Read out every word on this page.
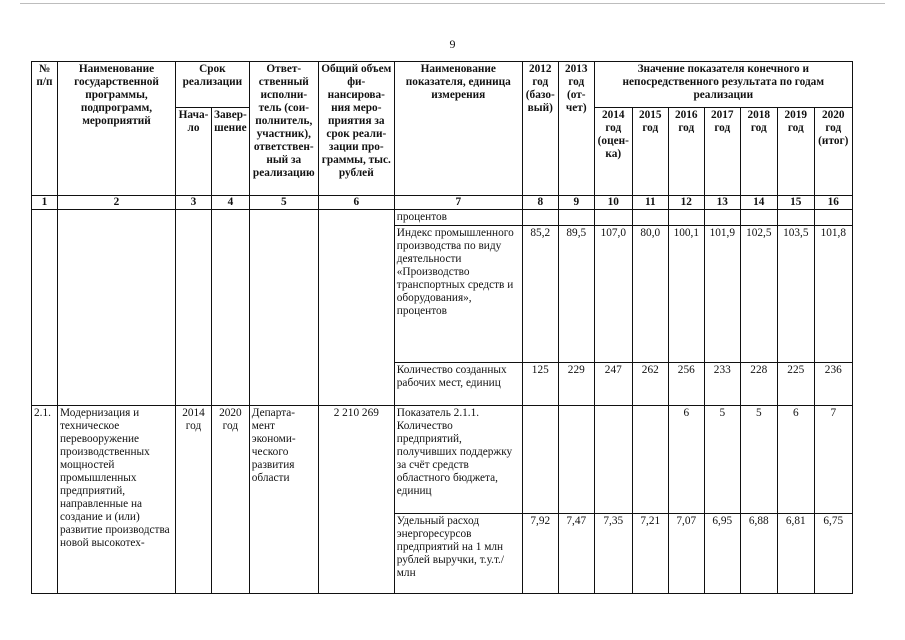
9
№ п/п	Наименование государственной программы, подпрограмм, мероприятий	Срок реализации		Ответ-ственный исполни-тель (сои-полнитель, участник), ответствен-ный за реализацию	Общий объем фи-нансирова-ния меро-приятия за срок реали-зации про-граммы, тыс. рублей	Наименование показателя, единица измерения	2012 год (базо-вый)	2013 год (от-чет)	Значение показателя конечного и непосредственного результата по годам реализации						
		Нача-ло	Завер-шение												
									2014 год (оцен-ка)	2015 год	2016 год	2017 год	2018 год	2019 год	2020 год (итог)
1	2	3	4	5	6	7	8	9	10	11	12	13	14	15	16
						процентов									
						Индекс промышленного производства по виду деятельности «Производство транспортных средств и оборудования», процентов	85,2	89,5	107,0	80,0	100,1	101,9	102,5	103,5	101,8
						Количество созданных рабочих мест, единиц	125	229	247	262	256	233	228	225	236
2.1.	Модернизация и техническое перевооружение производственных мощностей промышленных предприятий, направленные на создание и (или) развитие производства новой высокотех-	2014 год	2020 год	Департа-мент экономи-ческого развития области	2 210 269	Показатель 2.1.1. Количество предприятий, получивших поддержку за счёт средств областного бюджета, единиц					6	5	5	6	7
						Удельный расход энергоресурсов предприятий на 1 млн рублей выручки, т.у.т./млн	7,92	7,47	7,35	7,21	7,07	6,95	6,88	6,81	6,75
